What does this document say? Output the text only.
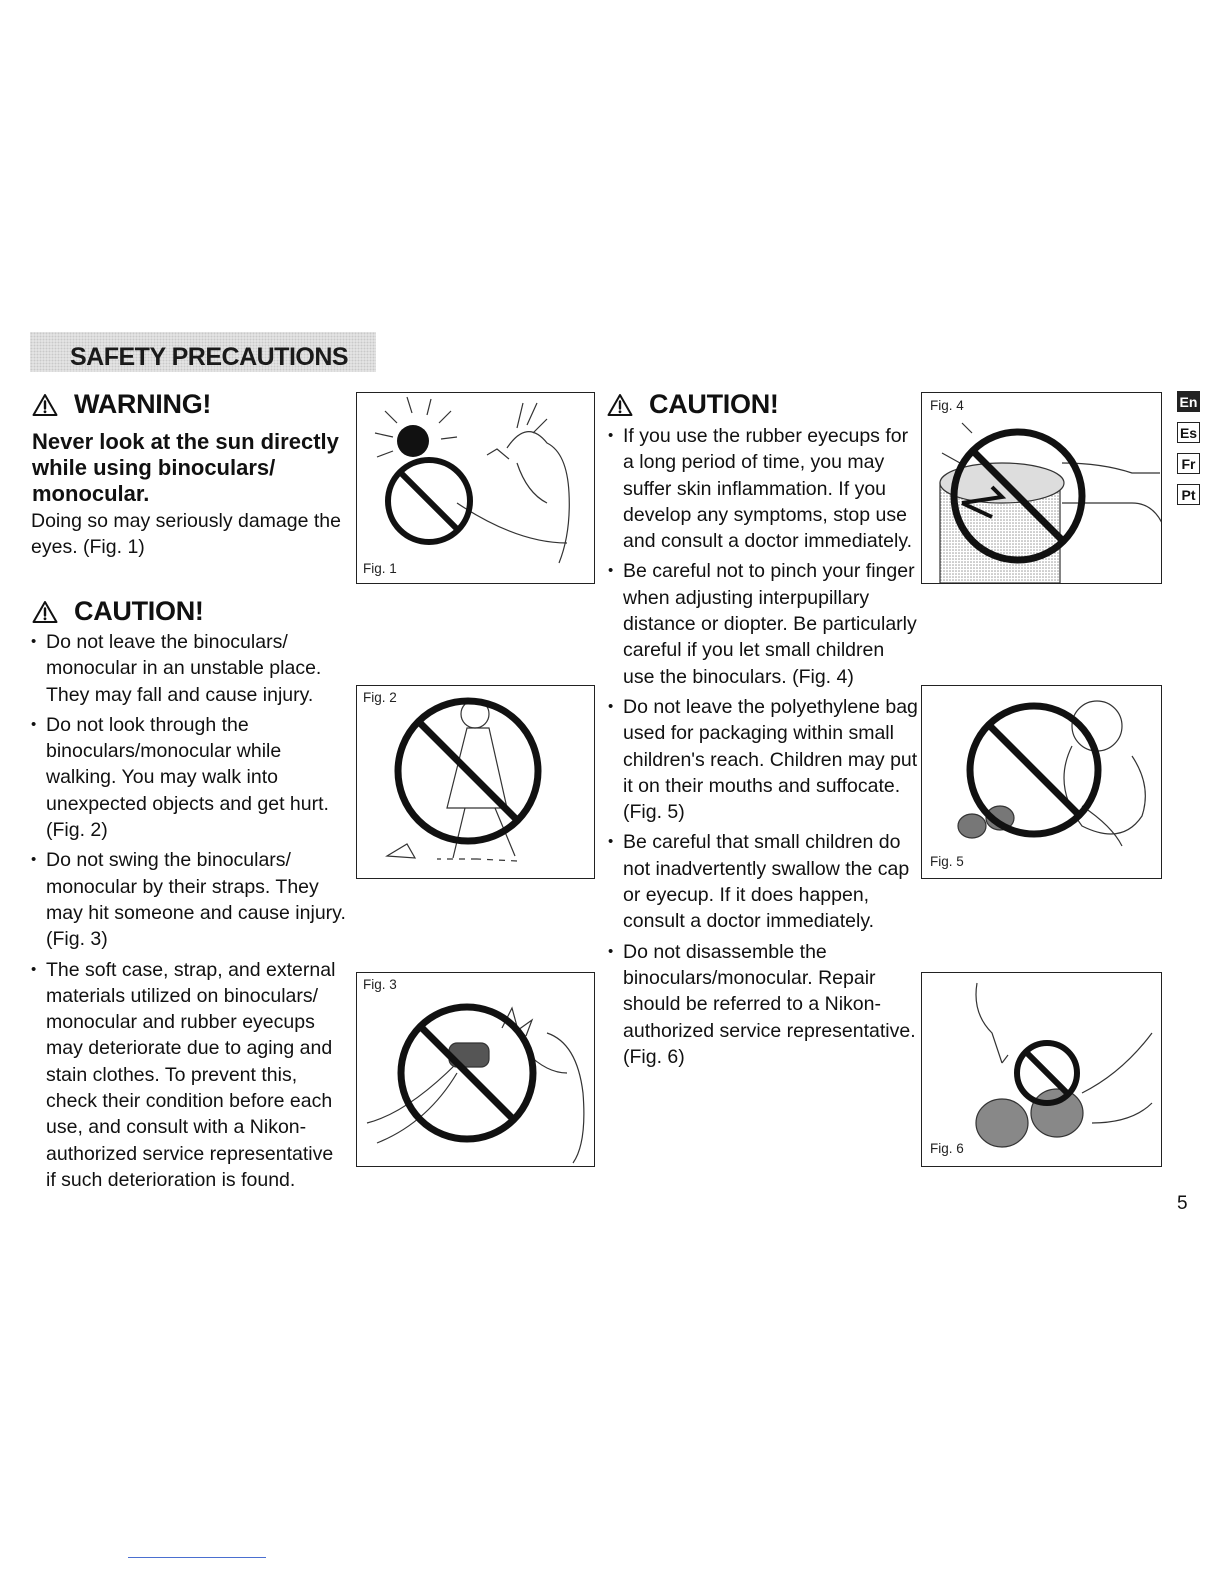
SAFETY PRECAUTIONS
WARNING!
Never look at the sun directly while using binoculars/ monocular.
Doing so may seriously damage the eyes. (Fig. 1)
CAUTION!
• Do not leave the binoculars/ monocular in an unstable place. They may fall and cause injury.
• Do not look through the binoculars/monocular while walking. You may walk into unexpected objects and get hurt. (Fig. 2)
• Do not swing the binoculars/ monocular by their straps. They may hit someone and cause injury. (Fig. 3)
• The soft case, strap, and external materials utilized on binoculars/ monocular and rubber eyecups may deteriorate due to aging and stain clothes. To prevent this, check their condition before each use, and consult with a Nikon-authorized service representative if such deterioration is found.
Fig. 1
Fig. 2
Fig. 3
CAUTION!
• If you use the rubber eyecups for a long period of time, you may suffer skin inflammation. If you develop any symptoms, stop use and consult a doctor immediately.
• Be careful not to pinch your finger when adjusting interpupillary distance or diopter. Be particularly careful if you let small children use the binoculars. (Fig. 4)
• Do not leave the polyethylene bag used for packaging within small children's reach. Children may put it on their mouths and suffocate. (Fig. 5)
• Be careful that small children do not inadvertently swallow the cap or eyecup. If it does happen, consult a doctor immediately.
• Do not disassemble the binoculars/monocular. Repair should be referred to a Nikon-authorized service representative. (Fig. 6)
Fig. 4
Fig. 5
Fig. 6
En
Es
Fr
Pt
5
